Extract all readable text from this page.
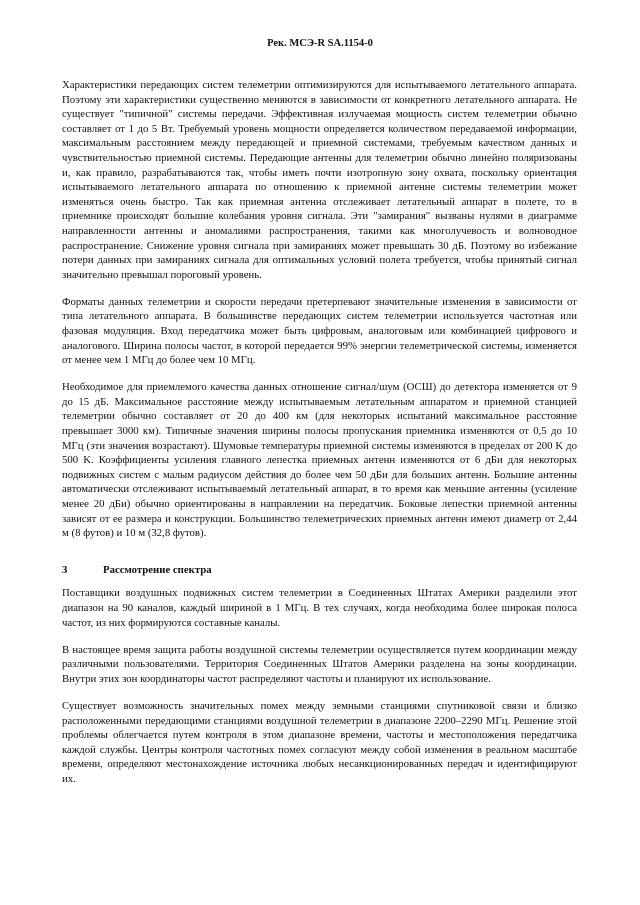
Рек. МСЭ-R SA.1154-0

Характеристики передающих систем телеметрии оптимизируются для испытываемого летательного аппарата. Поэтому эти характеристики существенно меняются в зависимости от конкретного летательного аппарата. Не существует "типичной" системы передачи. Эффективная излучаемая мощность систем телеметрии обычно составляет от 1 до 5 Вт. Требуемый уровень мощности определяется количеством передаваемой информации, максимальным расстоянием между передающей и приемной системами, требуемым качеством данных и чувствительностью приемной системы. Передающие антенны для телеметрии обычно линейно поляризованы и, как правило, разрабатываются так, чтобы иметь почти изотропную зону охвата, поскольку ориентация испытываемого летательного аппарата по отношению к приемной антенне системы телеметрии может изменяться очень быстро. Так как приемная антенна отслеживает летательный аппарат в полете, то в приемнике происходят большие колебания уровня сигнала. Эти "замирания" вызваны нулями в диаграмме направленности антенны и аномалиями распространения, такими как многолучевость и волноводное распространение. Снижение уровня сигнала при замираниях может превышать 30 дБ. Поэтому во избежание потери данных при замираниях сигнала для оптимальных условий полета требуется, чтобы принятый сигнал значительно превышал пороговый уровень.

Форматы данных телеметрии и скорости передачи претерпевают значительные изменения в зависимости от типа летательного аппарата. В большинстве передающих систем телеметрии используется частотная или фазовая модуляция. Вход передатчика может быть цифровым, аналоговым или комбинацией цифрового и аналогового. Ширина полосы частот, в которой передается 99% энергии телеметрической системы, изменяется от менее чем 1 МГц до более чем 10 МГц.

Необходимое для приемлемого качества данных отношение сигнал/шум (ОСШ) до детектора изменяется от 9 до 15 дБ. Максимальное расстояние между испытываемым летательным аппаратом и приемной станцией телеметрии обычно составляет от 20 до 400 км (для некоторых испытаний максимальное расстояние превышает 3000 км). Типичные значения ширины полосы пропускания приемника изменяются от 0,5 до 10 МГц (эти значения возрастают). Шумовые температуры приемной системы изменяются в пределах от 200 K до 500 K. Коэффициенты усиления главного лепестка приемных антенн изменяются от 6 дБи для некоторых подвижных систем с малым радиусом действия до более чем 50 дБи для больших антенн. Большие антенны автоматически отслеживают испытываемый летательный аппарат, в то время как меньшие антенны (усиление менее 20 дБи) обычно ориентированы в направлении на передатчик. Боковые лепестки приемной антенны зависят от ее размера и конструкции. Большинство телеметрических приемных антенн имеют диаметр от 2,44 м (8 футов) и 10 м (32,8 футов).

3	Рассмотрение спектра

Поставщики воздушных подвижных систем телеметрии в Соединенных Штатах Америки разделили этот диапазон на 90 каналов, каждый шириной в 1 МГц. В тех случаях, когда необходима более широкая полоса частот, из них формируются составные каналы.

В настоящее время защита работы воздушной системы телеметрии осуществляется путем координации между различными пользователями. Территория Соединенных Штатов Америки разделена на зоны координации. Внутри этих зон координаторы частот распределяют частоты и планируют их использование.

Существует возможность значительных помех между земными станциями спутниковой связи и близко расположенными передающими станциями воздушной телеметрии в диапазоне 2200–2290 МГц. Решение этой проблемы облегчается путем контроля в этом диапазоне времени, частоты и местоположения передатчика каждой службы. Центры контроля частотных помех согласуют между собой изменения в реальном масштабе времени, определяют местонахождение источника любых несанкционированных передач и идентифицируют их.
